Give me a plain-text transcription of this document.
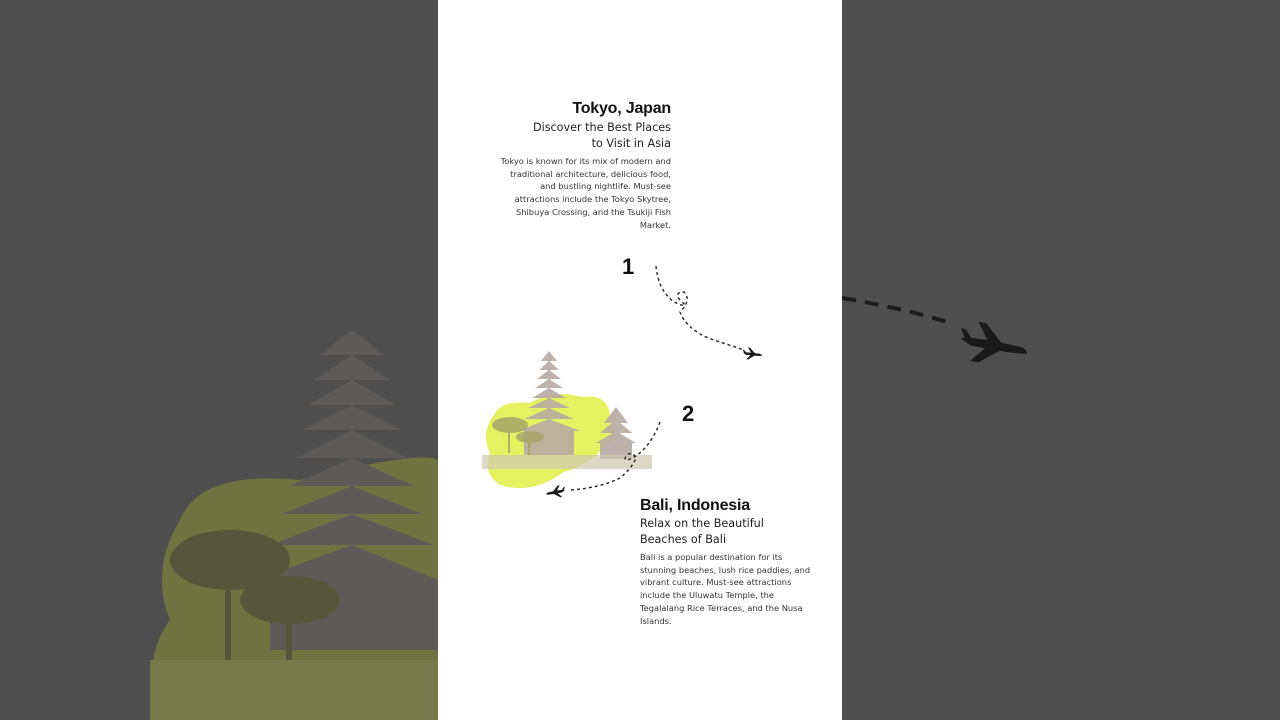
Tokyo, Japan
Discover the Best Places
to Visit in Asia
Tokyo is known for its mix of modern and traditional architecture, delicious food, and bustling nightlife. Must-see attractions include the Tokyo Skytree, Shibuya Crossing, and the Tsukiji Fish Market.
1
2
Bali, Indonesia
Relax on the Beautiful
Beaches of Bali
Bali is a popular destination for its stunning beaches, lush rice paddies, and vibrant culture. Must-see attractions include the Uluwatu Temple, the Tegalalang Rice Terraces, and the Nusa Islands.
